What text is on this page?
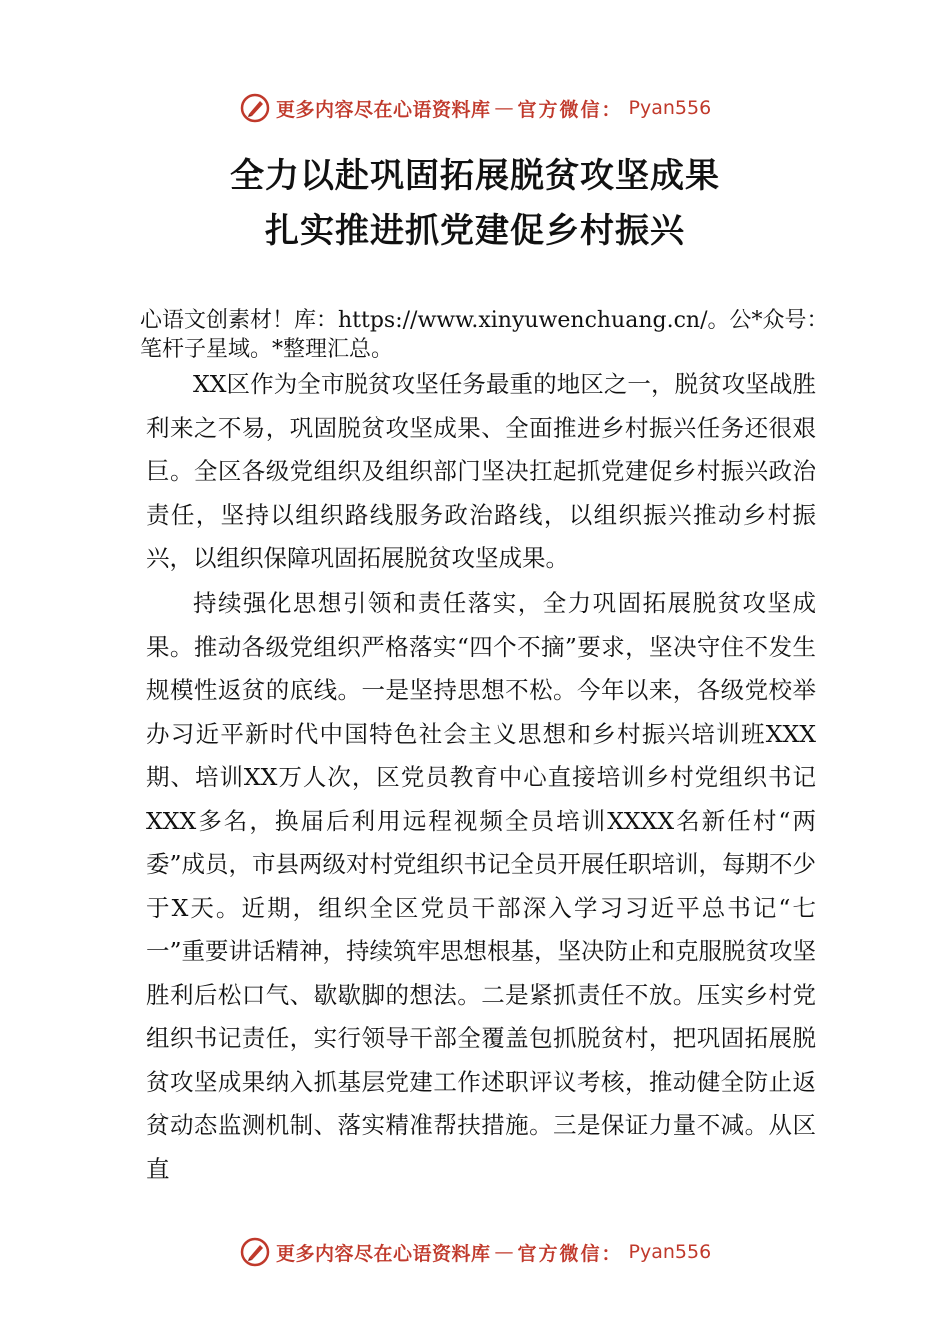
更多内容尽在心语资料库 — 官方微信： Pyan556
全力以赴巩固拓展脱贫攻坚成果
扎实推进抓党建促乡村振兴
心语文创素材！库：https://www.xinyuwenchuang.cn/。公*众号：笔杆子星域。*整理汇总。

XX区作为全市脱贫攻坚任务最重的地区之一，脱贫攻坚战胜利来之不易，巩固脱贫攻坚成果、全面推进乡村振兴任务还很艰巨。全区各级党组织及组织部门坚决扛起抓党建促乡村振兴政治责任，坚持以组织路线服务政治路线，以组织振兴推动乡村振兴，以组织保障巩固拓展脱贫攻坚成果。

持续强化思想引领和责任落实，全力巩固拓展脱贫攻坚成果。推动各级党组织严格落实“四个不摘”要求，坚决守住不发生规模性返贫的底线。一是坚持思想不松。今年以来，各级党校举办习近平新时代中国特色社会主义思想和乡村振兴培训班XXX期、培训XX万人次，区党员教育中心直接培训乡村党组织书记XXX多名，换届后利用远程视频全员培训XXXX名新任村“两委”成员，市县两级对村党组织书记全员开展任职培训，每期不少于X天。近期，组织全区党员干部深入学习习近平总书记“七一”重要讲话精神，持续筑牢思想根基，坚决防止和克服脱贫攻坚胜利后松口气、歇歇脚的想法。二是紧抓责任不放。压实乡村党组织书记责任，实行领导干部全覆盖包抓脱贫村，把巩固拓展脱贫攻坚成果纳入抓基层党建工作述职评议考核，推动健全防止返贫动态监测机制、落实精准帮扶措施。三是保证力量不减。从区直

更多内容尽在心语资料库 — 官方微信： Pyan556
